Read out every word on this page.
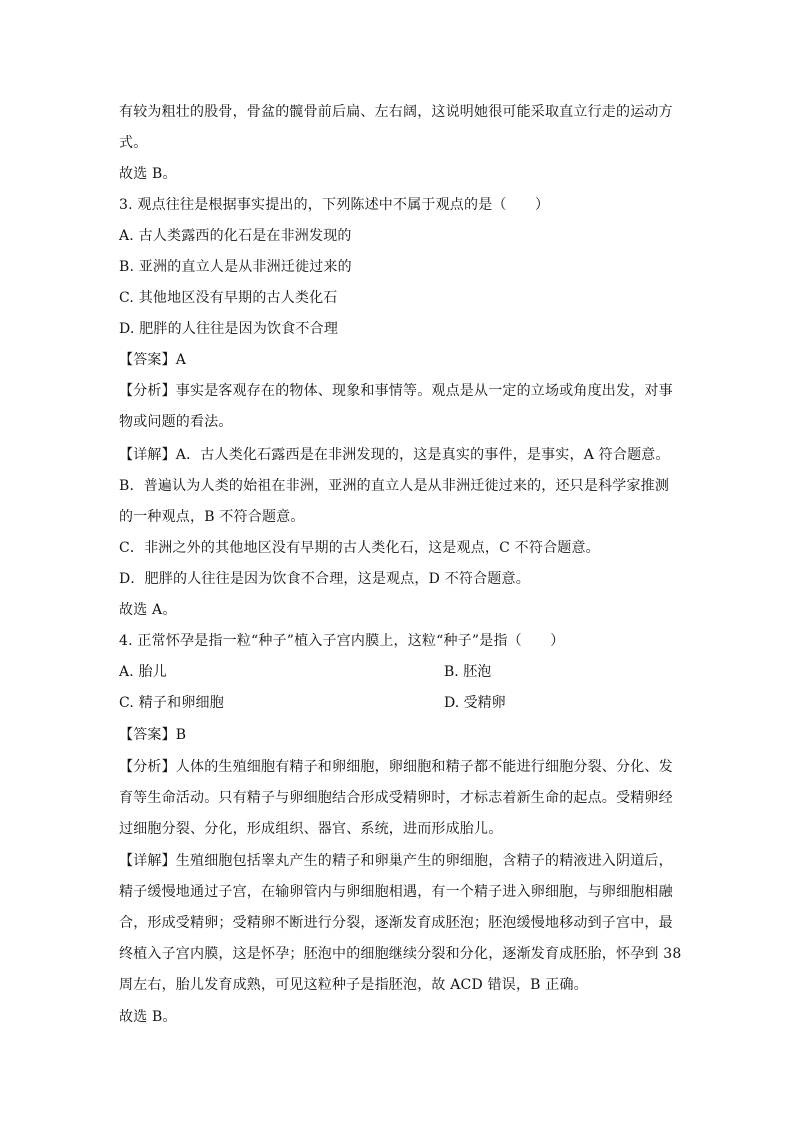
有较为粗壮的股骨，骨盆的髋骨前后扁、左右阔，这说明她很可能采取直立行走的运动方
式。
故选 B。
3. 观点往往是根据事实提出的，下列陈述中不属于观点的是（　　）
A. 古人类露西的化石是在非洲发现的
B. 亚洲的直立人是从非洲迁徙过来的
C. 其他地区没有早期的古人类化石
D. 肥胖的人往往是因为饮食不合理
【答案】A
【分析】事实是客观存在的物体、现象和事情等。观点是从一定的立场或角度出发，对事
物或问题的看法。
【详解】A．古人类化石露西是在非洲发现的，这是真实的事件，是事实，A 符合题意。
B．普遍认为人类的始祖在非洲，亚洲的直立人是从非洲迁徙过来的，还只是科学家推测
的一种观点，B 不符合题意。
C．非洲之外的其他地区没有早期的古人类化石，这是观点，C 不符合题意。
D．肥胖的人往往是因为饮食不合理，这是观点，D 不符合题意。
故选 A。
4. 正常怀孕是指一粒“种子”植入子宫内膜上，这粒“种子”是指（　　）
A. 胎儿	B. 胚泡
C. 精子和卵细胞	D. 受精卵
【答案】B
【分析】人体的生殖细胞有精子和卵细胞，卵细胞和精子都不能进行细胞分裂、分化、发
育等生命活动。只有精子与卵细胞结合形成受精卵时，才标志着新生命的起点。受精卵经
过细胞分裂、分化，形成组织、器官、系统，进而形成胎儿。
【详解】生殖细胞包括睾丸产生的精子和卵巢产生的卵细胞，含精子的精液进入阴道后，
精子缓慢地通过子宫，在输卵管内与卵细胞相遇，有一个精子进入卵细胞，与卵细胞相融
合，形成受精卵；受精卵不断进行分裂，逐渐发育成胚泡；胚泡缓慢地移动到子宫中，最
终植入子宫内膜，这是怀孕；胚泡中的细胞继续分裂和分化，逐渐发育成胚胎，怀孕到 38
周左右，胎儿发育成熟，可见这粒种子是指胚泡，故 ACD 错误，B 正确。
故选 B。
